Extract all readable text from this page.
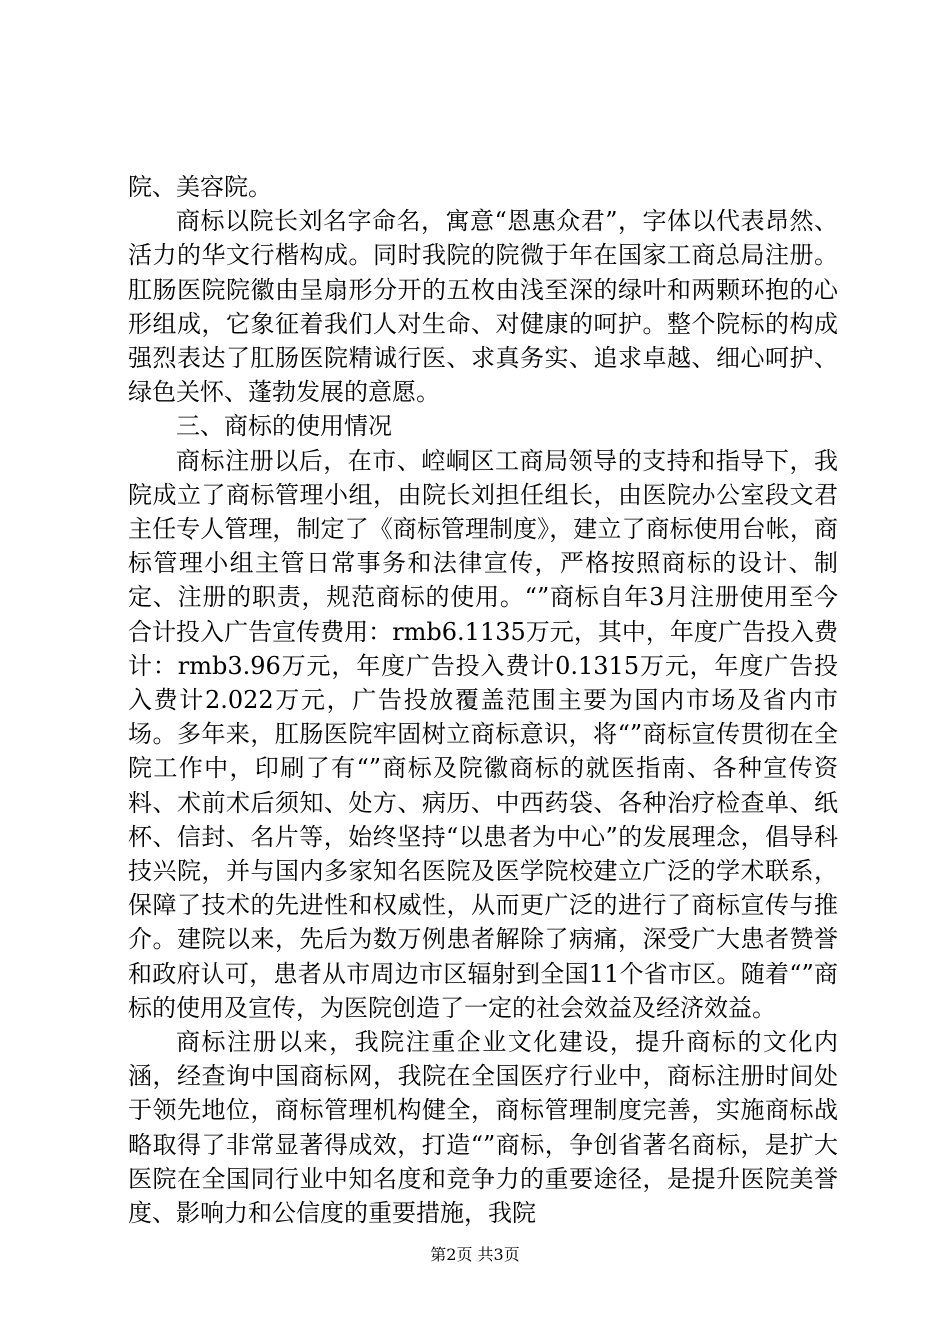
院、美容院。

商标以院长刘名字命名，寓意“恩惠众君”，字体以代表昂然、活力的华文行楷构成。同时我院的院微于年在国家工商总局注册。肛肠医院院徽由呈扇形分开的五枚由浅至深的绿叶和两颗环抱的心形组成，它象征着我们人对生命、对健康的呵护。整个院标的构成强烈表达了肛肠医院精诚行医、求真务实、追求卓越、细心呵护、绿色关怀、蓬勃发展的意愿。

三、商标的使用情况

商标注册以后，在市、崆峒区工商局领导的支持和指导下，我院成立了商标管理小组，由院长刘担任组长，由医院办公室段文君主任专人管理，制定了《商标管理制度》，建立了商标使用台帐，商标管理小组主管日常事务和法律宣传，严格按照商标的设计、制定、注册的职责，规范商标的使用。“”商标自年3月注册使用至今合计投入广告宣传费用：rmb6.1135万元，其中，年度广告投入费计：rmb3.96万元，年度广告投入费计0.1315万元，年度广告投入费计2.022万元，广告投放覆盖范围主要为国内市场及省内市场。多年来，肛肠医院牢固树立商标意识，将“”商标宣传贯彻在全院工作中，印刷了有“”商标及院徽商标的就医指南、各种宣传资料、术前术后须知、处方、病历、中西药袋、各种治疗检查单、纸杯、信封、名片等，始终坚持“以患者为中心”的发展理念，倡导科技兴院，并与国内多家知名医院及医学院校建立广泛的学术联系，保障了技术的先进性和权威性，从而更广泛的进行了商标宣传与推介。建院以来，先后为数万例患者解除了病痛，深受广大患者赞誉和政府认可，患者从市周边市区辐射到全国11个省市区。随着“”商标的使用及宣传，为医院创造了一定的社会效益及经济效益。

商标注册以来，我院注重企业文化建设，提升商标的文化内涵，经查询中国商标网，我院在全国医疗行业中，商标注册时间处于领先地位，商标管理机构健全，商标管理制度完善，实施商标战略取得了非常显著得成效，打造“”商标，争创省著名商标，是扩大医院在全国同行业中知名度和竞争力的重要途径，是提升医院美誉度、影响力和公信度的重要措施，我院

第2页 共3页
